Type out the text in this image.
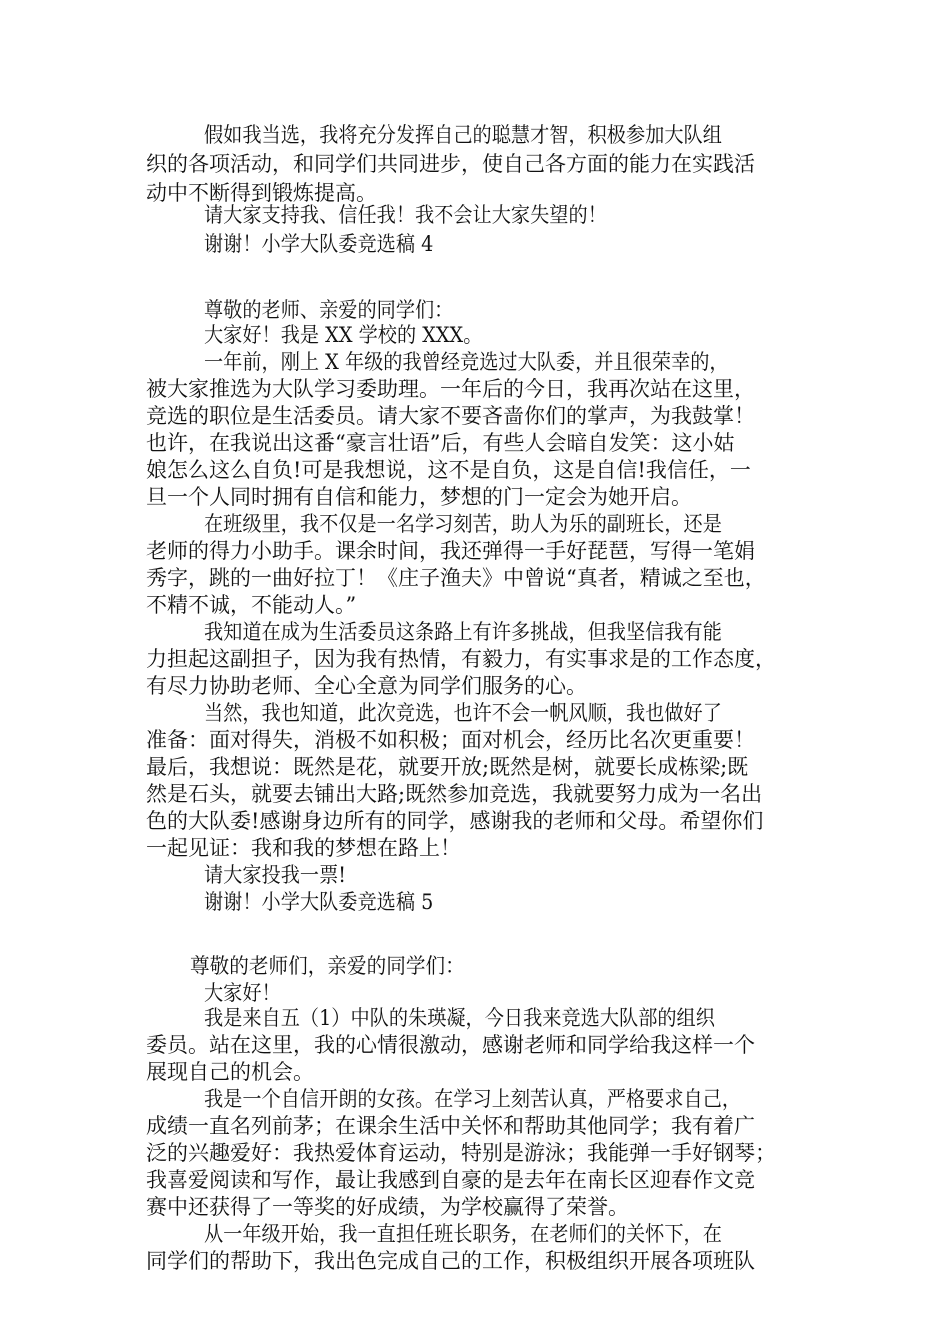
假如我当选，我将充分发挥自己的聪慧才智，积极参加大队组
织的各项活动，和同学们共同进步，使自己各方面的能力在实践活
动中不断得到锻炼提高。
请大家支持我、信任我！我不会让大家失望的！
谢谢！小学大队委竞选稿 4
尊敬的老师、亲爱的同学们：
大家好！我是 XX 学校的 XXX。
一年前，刚上 X 年级的我曾经竞选过大队委，并且很荣幸的，
被大家推选为大队学习委助理。一年后的今日，我再次站在这里，
竞选的职位是生活委员。请大家不要吝啬你们的掌声，为我鼓掌！
也许，在我说出这番“豪言壮语”后，有些人会暗自发笑：这小姑
娘怎么这么自负!可是我想说，这不是自负，这是自信!我信任，一
旦一个人同时拥有自信和能力，梦想的门一定会为她开启。
在班级里，我不仅是一名学习刻苦，助人为乐的副班长，还是
老师的得力小助手。课余时间，我还弹得一手好琵琶，写得一笔娟
秀字，跳的一曲好拉丁！《庄子渔夫》中曾说“真者，精诚之至也，
不精不诚，不能动人。”
我知道在成为生活委员这条路上有许多挑战，但我坚信我有能
力担起这副担子，因为我有热情，有毅力，有实事求是的工作态度，
有尽力协助老师、全心全意为同学们服务的心。
当然，我也知道，此次竞选，也许不会一帆风顺，我也做好了
准备：面对得失，消极不如积极；面对机会，经历比名次更重要！
最后，我想说：既然是花，就要开放;既然是树，就要长成栋梁;既
然是石头，就要去铺出大路;既然参加竞选，我就要努力成为一名出
色的大队委!感谢身边所有的同学，感谢我的老师和父母。希望你们
一起见证：我和我的梦想在路上！
请大家投我一票!
谢谢！小学大队委竞选稿 5
尊敬的老师们，亲爱的同学们：
大家好！
我是来自五（1）中队的朱瑛凝，今日我来竞选大队部的组织
委员。站在这里，我的心情很激动，感谢老师和同学给我这样一个
展现自己的机会。
我是一个自信开朗的女孩。在学习上刻苦认真，严格要求自己，
成绩一直名列前茅；在课余生活中关怀和帮助其他同学；我有着广
泛的兴趣爱好：我热爱体育运动，特别是游泳；我能弹一手好钢琴；
我喜爱阅读和写作，最让我感到自豪的是去年在南长区迎春作文竞
赛中还获得了一等奖的好成绩，为学校赢得了荣誉。
从一年级开始，我一直担任班长职务，在老师们的关怀下，在
同学们的帮助下，我出色完成自己的工作，积极组织开展各项班队
